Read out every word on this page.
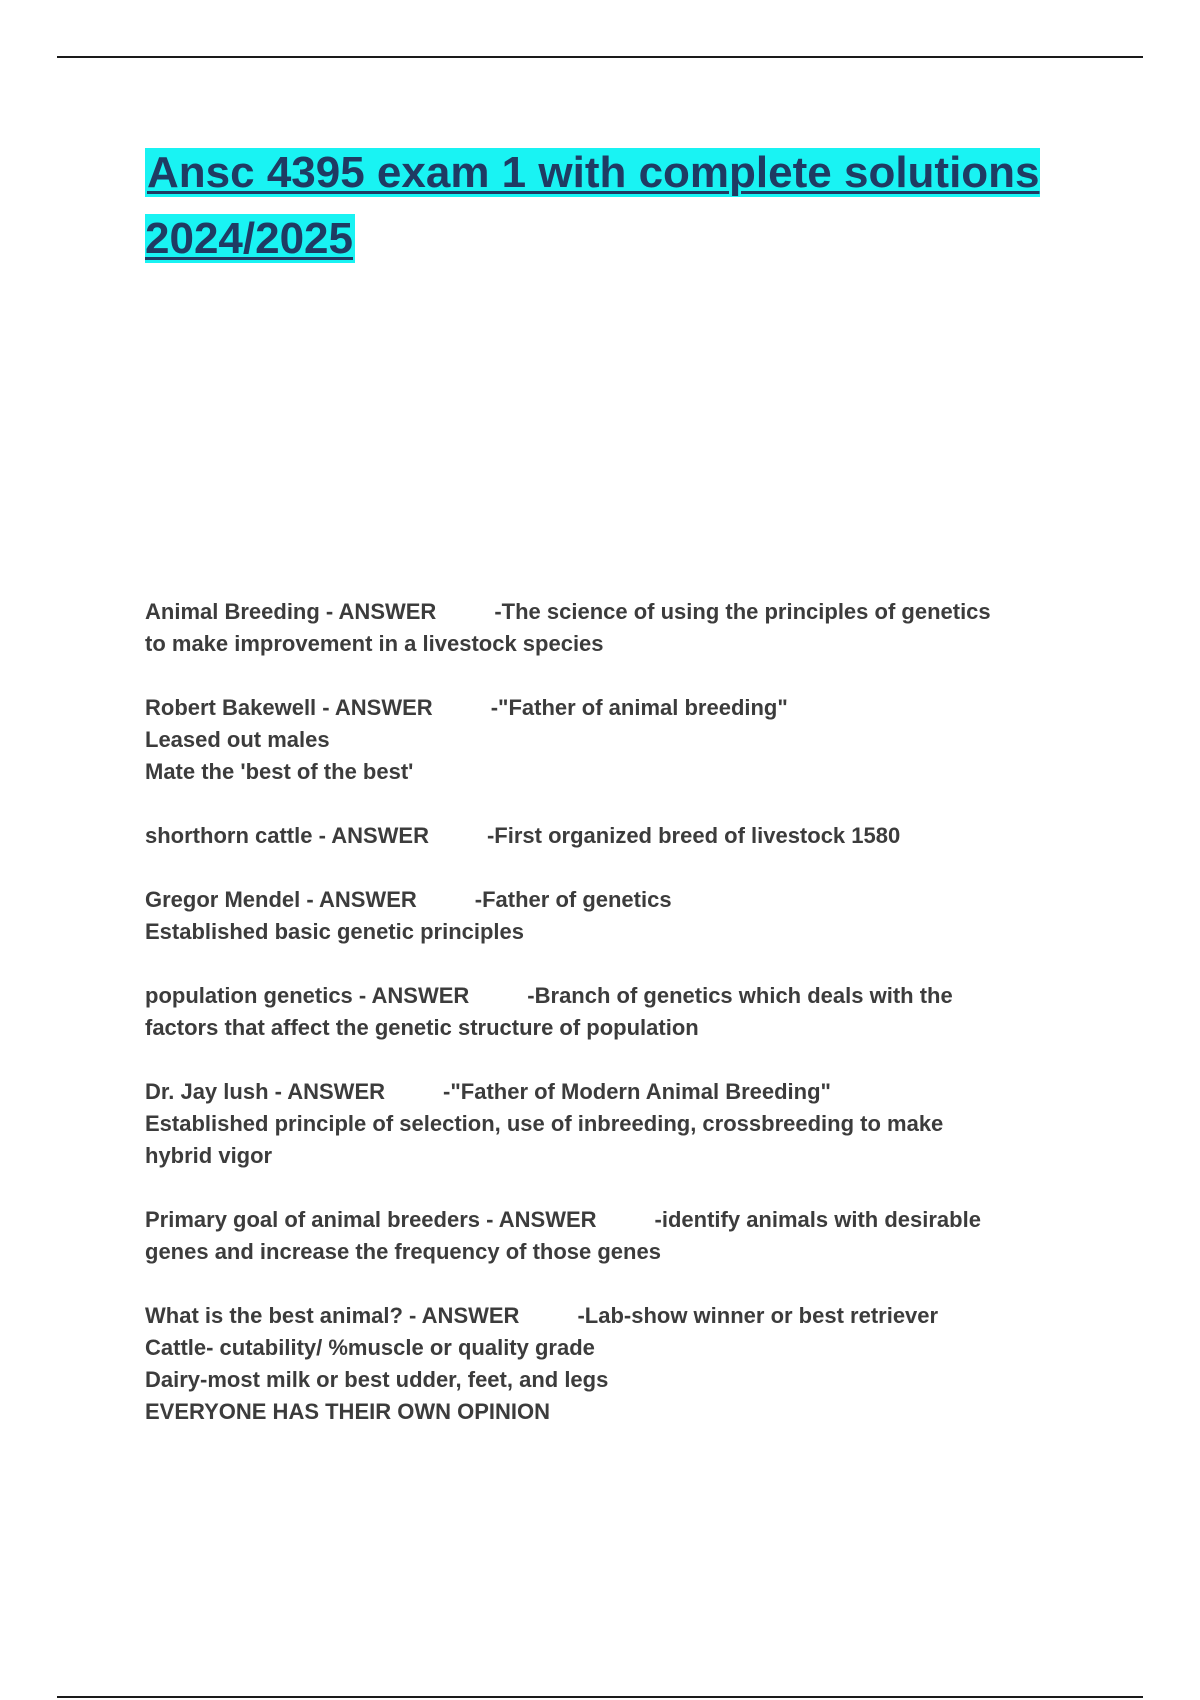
Ansc 4395 exam 1 with complete solutions 2024/2025
Animal Breeding - ANSWER	-The science of using the principles of genetics
to make improvement in a livestock species
Robert Bakewell - ANSWER	-"Father of animal breeding"
Leased out males
Mate the 'best of the best'
shorthorn cattle - ANSWER	-First organized breed of livestock 1580
Gregor Mendel - ANSWER	-Father of genetics
Established basic genetic principles
population genetics - ANSWER	-Branch of genetics which deals with the
factors that affect the genetic structure of population
Dr. Jay lush - ANSWER	-"Father of Modern Animal Breeding"
Established principle of selection, use of inbreeding, crossbreeding to make
hybrid vigor
Primary goal of animal breeders - ANSWER	-identify animals with desirable
genes and increase the frequency of those genes
What is the best animal? - ANSWER	-Lab-show winner or best retriever
Cattle- cutability/ %muscle or quality grade
Dairy-most milk or best udder, feet, and legs
EVERYONE HAS THEIR OWN OPINION
